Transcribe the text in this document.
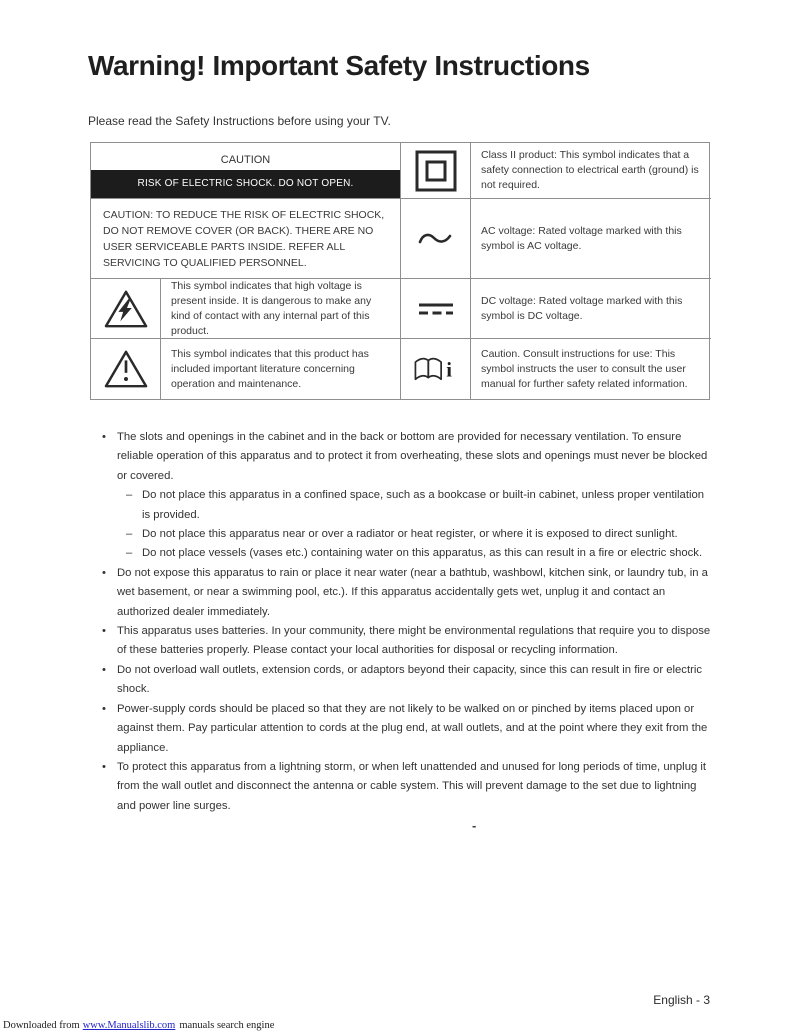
Warning! Important Safety Instructions

Please read the Safety Instructions before using your TV.

CAUTION
RISK OF ELECTRIC SHOCK. DO NOT OPEN.
Class II product: This symbol indicates that a safety connection to electrical earth (ground) is not required.
CAUTION: TO REDUCE THE RISK OF ELECTRIC SHOCK, DO NOT REMOVE COVER (OR BACK). THERE ARE NO USER SERVICEABLE PARTS INSIDE. REFER ALL SERVICING TO QUALIFIED PERSONNEL.
AC voltage: Rated voltage marked with this symbol is AC voltage.
This symbol indicates that high voltage is present inside. It is dangerous to make any kind of contact with any internal part of this product.
DC voltage: Rated voltage marked with this symbol is DC voltage.
This symbol indicates that this product has included important literature concerning operation and maintenance.
i
Caution. Consult instructions for use: This symbol instructs the user to consult the user manual for further safety related information.
• The slots and openings in the cabinet and in the back or bottom are provided for necessary ventilation. To ensure reliable operation of this apparatus and to protect it from overheating, these slots and openings must never be blocked or covered.
– Do not place this apparatus in a confined space, such as a bookcase or built-in cabinet, unless proper ventilation is provided.
– Do not place this apparatus near or over a radiator or heat register, or where it is exposed to direct sunlight.
– Do not place vessels (vases etc.) containing water on this apparatus, as this can result in a fire or electric shock.
• Do not expose this apparatus to rain or place it near water (near a bathtub, washbowl, kitchen sink, or laundry tub, in a wet basement, or near a swimming pool, etc.). If this apparatus accidentally gets wet, unplug it and contact an authorized dealer immediately.
• This apparatus uses batteries. In your community, there might be environmental regulations that require you to dispose of these batteries properly. Please contact your local authorities for disposal or recycling information.
• Do not overload wall outlets, extension cords, or adaptors beyond their capacity, since this can result in fire or electric shock.
• Power-supply cords should be placed so that they are not likely to be walked on or pinched by items placed upon or against them. Pay particular attention to cords at the plug end, at wall outlets, and at the point where they exit from the appliance.
• To protect this apparatus from a lightning storm, or when left unattended and unused for long periods of time, unplug it from the wall outlet and disconnect the antenna or cable system. This will prevent damage to the set due to lightning and power line surges.
-
English - 3
Downloaded from www.Manualslib.com manuals search engine
